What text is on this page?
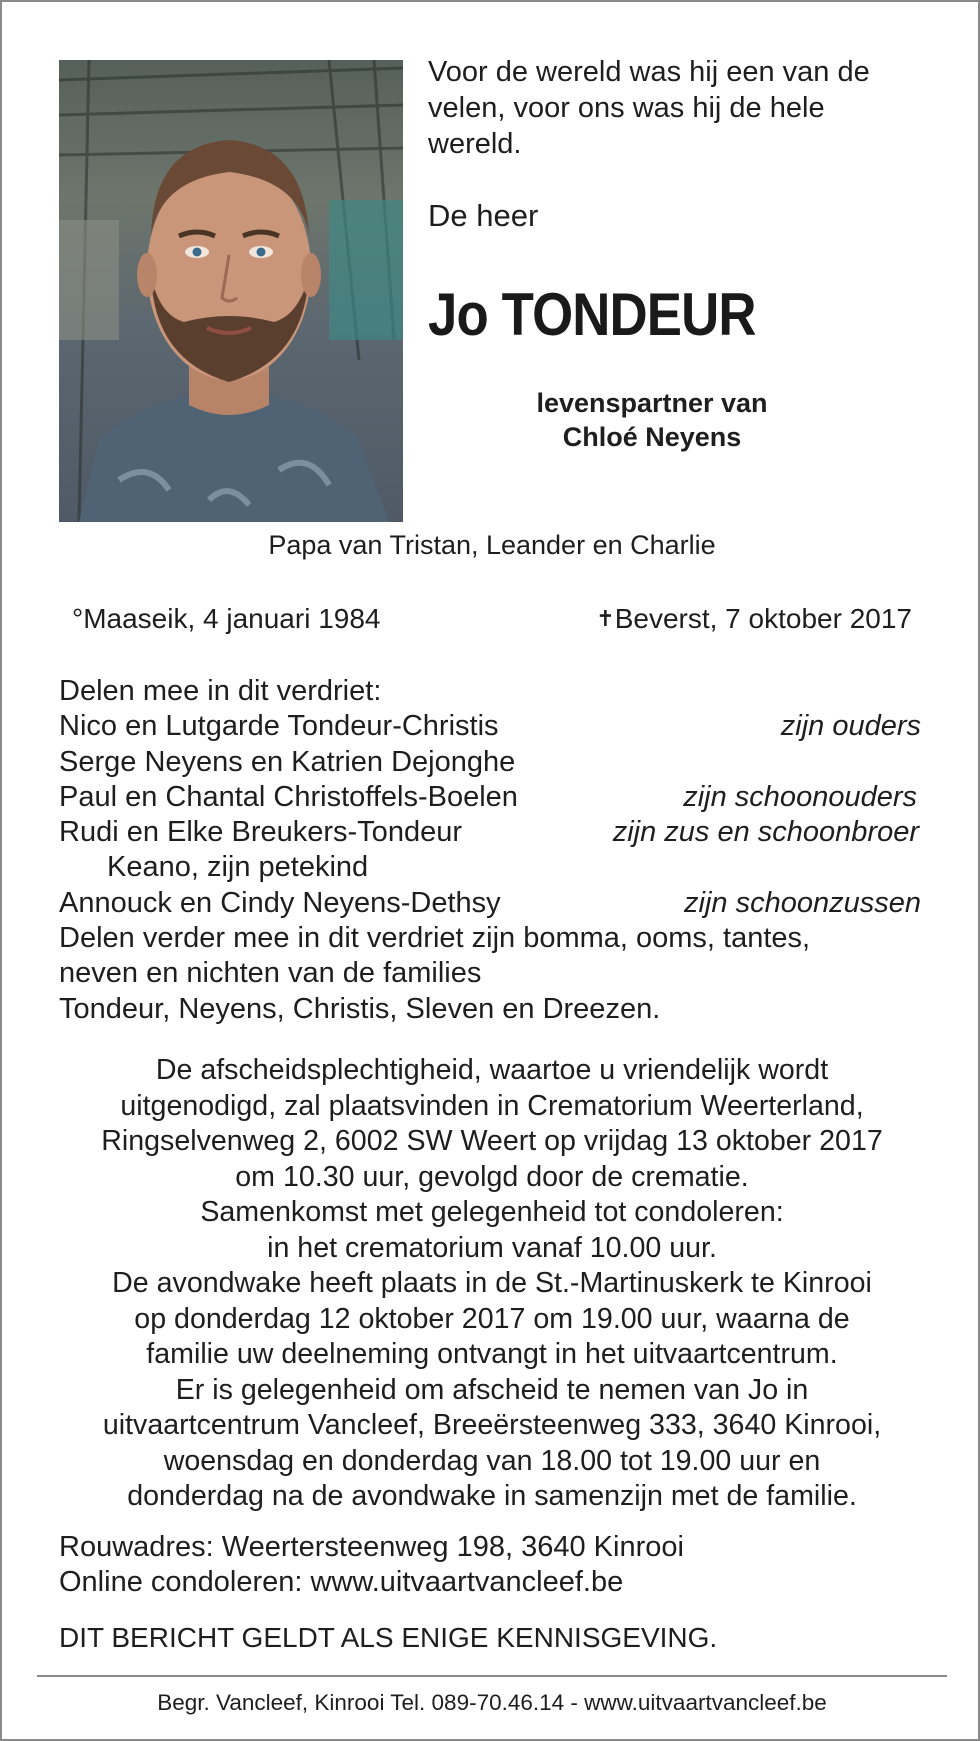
Voor de wereld was hij een van de
velen, voor ons was hij de hele
wereld.
De heer
Jo TONDEUR
levenspartner van
Chloé Neyens
Papa van Tristan, Leander en Charlie
°Maaseik, 4 januari 1984	✝Beverst, 7 oktober 2017
Delen mee in dit verdriet:
Nico en Lutgarde Tondeur-Christis	zijn ouders
Serge Neyens en Katrien Dejonghe
Paul en Chantal Christoffels-Boelen	zijn schoonouders
Rudi en Elke Breukers-Tondeur	zijn zus en schoonbroer
Keano, zijn petekind
Annouck en Cindy Neyens-Dethsy	zijn schoonzussen
Delen verder mee in dit verdriet zijn bomma, ooms, tantes,
neven en nichten van de families
Tondeur, Neyens, Christis, Sleven en Dreezen.
De afscheidsplechtigheid, waartoe u vriendelijk wordt
uitgenodigd, zal plaatsvinden in Crematorium Weerterland,
Ringselvenweg 2, 6002 SW Weert op vrijdag 13 oktober 2017
om 10.30 uur, gevolgd door de crematie.
Samenkomst met gelegenheid tot condoleren:
in het crematorium vanaf 10.00 uur.
De avondwake heeft plaats in de St.-Martinuskerk te Kinrooi
op donderdag 12 oktober 2017 om 19.00 uur, waarna de
familie uw deelneming ontvangt in het uitvaartcentrum.
Er is gelegenheid om afscheid te nemen van Jo in
uitvaartcentrum Vancleef, Breeërsteenweg 333, 3640 Kinrooi,
woensdag en donderdag van 18.00 tot 19.00 uur en
donderdag na de avondwake in samenzijn met de familie.
Rouwadres: Weertersteenweg 198, 3640 Kinrooi
Online condoleren: www.uitvaartvancleef.be
DIT BERICHT GELDT ALS ENIGE KENNISGEVING.
Begr. Vancleef, Kinrooi Tel. 089-70.46.14 - www.uitvaartvancleef.be
